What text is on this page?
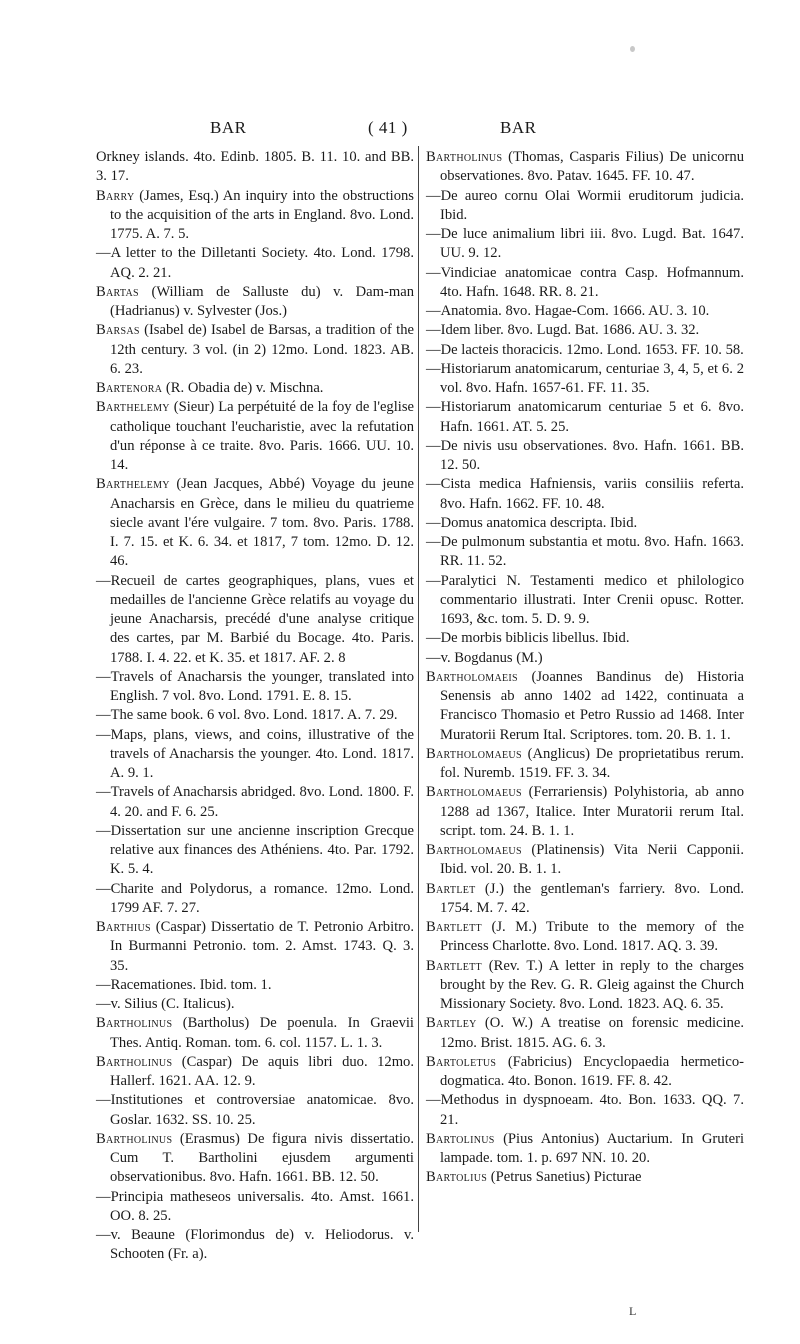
BAR	( 41 )	BAR

Orkney islands. 4to. Edinb. 1805. B. 11. 10. and BB. 3. 17.

Barry (James, Esq.) An inquiry into the obstructions to the acquisition of the arts in England. 8vo. Lond. 1775. A. 7. 5.

—A letter to the Dilletanti Society. 4to. Lond. 1798. AQ. 2. 21.

Bartas (William de Salluste du) v. Dam-man (Hadrianus) v. Sylvester (Jos.)

Barsas (Isabel de) Isabel de Barsas, a tradition of the 12th century. 3 vol. (in 2) 12mo. Lond. 1823. AB. 6. 23.

Bartenora (R. Obadia de) v. Mischna.

Barthelemy (Sieur) La perpétuité de la foy de l'eglise catholique touchant l'eucharistie, avec la refutation d'un réponse à ce traite. 8vo. Paris. 1666. UU. 10. 14.

Barthelemy (Jean Jacques, Abbé) Voyage du jeune Anacharsis en Grèce, dans le milieu du quatrieme siecle avant l'ére vulgaire. 7 tom. 8vo. Paris. 1788. I. 7. 15. et K. 6. 34. et 1817, 7 tom. 12mo. D. 12. 46.

—Recueil de cartes geographiques, plans, vues et medailles de l'ancienne Grèce relatifs au voyage du jeune Anacharsis, precédé d'une analyse critique des cartes, par M. Barbié du Bocage. 4to. Paris. 1788. I. 4. 22. et K. 35. et 1817. AF. 2. 8

—Travels of Anacharsis the younger, translated into English. 7 vol. 8vo. Lond. 1791. E. 8. 15.

—The same book. 6 vol. 8vo. Lond. 1817. A. 7. 29.

—Maps, plans, views, and coins, illustrative of the travels of Anacharsis the younger. 4to. Lond. 1817. A. 9. 1.

—Travels of Anacharsis abridged. 8vo. Lond. 1800. F. 4. 20. and F. 6. 25.

—Dissertation sur une ancienne inscription Grecque relative aux finances des Athéniens. 4to. Par. 1792. K. 5. 4.

—Charite and Polydorus, a romance. 12mo. Lond. 1799 AF. 7. 27.

Barthius (Caspar) Dissertatio de T. Petronio Arbitro. In Burmanni Petronio. tom. 2. Amst. 1743. Q. 3. 35.

—Racemationes. Ibid. tom. 1.

—v. Silius (C. Italicus).

Bartholinus (Bartholus) De poenula. In Graevii Thes. Antiq. Roman. tom. 6. col. 1157. L. 1. 3.

Bartholinus (Caspar) De aquis libri duo. 12mo. Hallerf. 1621. AA. 12. 9.

—Institutiones et controversiae anatomicae. 8vo. Goslar. 1632. SS. 10. 25.

Bartholinus (Erasmus) De figura nivis dissertatio. Cum T. Bartholini ejusdem argumenti observationibus. 8vo. Hafn. 1661. BB. 12. 50.

—Principia matheseos universalis. 4to. Amst. 1661. OO. 8. 25.

—v. Beaune (Florimondus de) v. Heliodorus. v. Schooten (Fr. a).

Bartholinus (Thomas, Casparis Filius) De unicornu observationes. 8vo. Patav. 1645. FF. 10. 47.

—De aureo cornu Olai Wormii eruditorum judicia. Ibid.

—De luce animalium libri iii. 8vo. Lugd. Bat. 1647. UU. 9. 12.

—Vindiciae anatomicae contra Casp. Hofmannum. 4to. Hafn. 1648. RR. 8. 21.

—Anatomia. 8vo. Hagae-Com. 1666. AU. 3. 10.

—Idem liber. 8vo. Lugd. Bat. 1686. AU. 3. 32.

—De lacteis thoracicis. 12mo. Lond. 1653. FF. 10. 58.

—Historiarum anatomicarum, centuriae 3, 4, 5, et 6. 2 vol. 8vo. Hafn. 1657-61. FF. 11. 35.

—Historiarum anatomicarum centuriae 5 et 6. 8vo. Hafn. 1661. AT. 5. 25.

—De nivis usu observationes. 8vo. Hafn. 1661. BB. 12. 50.

—Cista medica Hafniensis, variis consiliis referta. 8vo. Hafn. 1662. FF. 10. 48.

—Domus anatomica descripta. Ibid.

—De pulmonum substantia et motu. 8vo. Hafn. 1663. RR. 11. 52.

—Paralytici N. Testamenti medico et philologico commentario illustrati. Inter Crenii opusc. Rotter. 1693, &c. tom. 5. D. 9. 9.

—De morbis biblicis libellus. Ibid.

—v. Bogdanus (M.)

Bartholomaeis (Joannes Bandinus de) Historia Senensis ab anno 1402 ad 1422, continuata a Francisco Thomasio et Petro Russio ad 1468. Inter Muratorii Rerum Ital. Scriptores. tom. 20. B. 1. 1.

Bartholomaeus (Anglicus) De proprietatibus rerum. fol. Nuremb. 1519. FF. 3. 34.

Bartholomaeus (Ferrariensis) Polyhistoria, ab anno 1288 ad 1367, Italice. Inter Muratorii rerum Ital. script. tom. 24. B. 1. 1.

Bartholomaeus (Platinensis) Vita Nerii Capponii. Ibid. vol. 20. B. 1. 1.

Bartlet (J.) the gentleman's farriery. 8vo. Lond. 1754. M. 7. 42.

Bartlett (J. M.) Tribute to the memory of the Princess Charlotte. 8vo. Lond. 1817. AQ. 3. 39.

Bartlett (Rev. T.) A letter in reply to the charges brought by the Rev. G. R. Gleig against the Church Missionary Society. 8vo. Lond. 1823. AQ. 6. 35.

Bartley (O. W.) A treatise on forensic medicine. 12mo. Brist. 1815. AG. 6. 3.

Bartoletus (Fabricius) Encyclopaedia hermetico-dogmatica. 4to. Bonon. 1619. FF. 8. 42.

—Methodus in dyspnoeam. 4to. Bon. 1633. QQ. 7. 21.

Bartolinus (Pius Antonius) Auctarium. In Gruteri lampade. tom. 1. p. 697 NN. 10. 20.

Bartolius (Petrus Sanetius) Picturae

L
